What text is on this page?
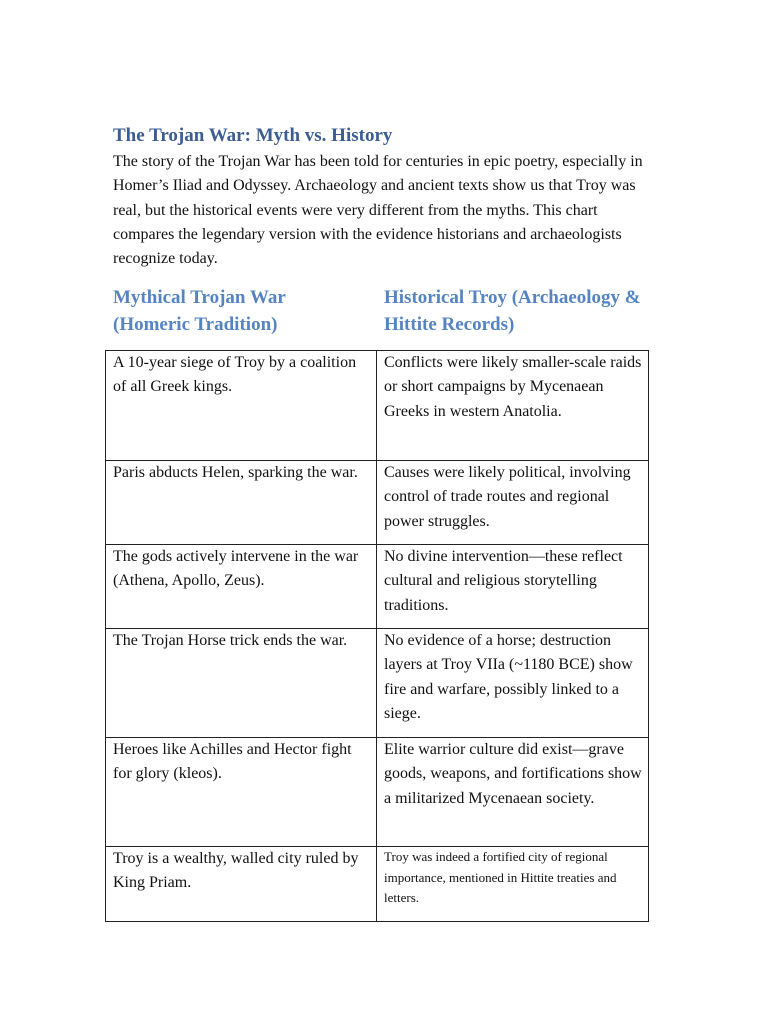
The Trojan War: Myth vs. History
The story of the Trojan War has been told for centuries in epic poetry, especially in Homer’s Iliad and Odyssey. Archaeology and ancient texts show us that Troy was real, but the historical events were very different from the myths. This chart compares the legendary version with the evidence historians and archaeologists recognize today.
Mythical Trojan War (Homeric Tradition)
Historical Troy (Archaeology & Hittite Records)
A 10-year siege of Troy by a coalition of all Greek kings.	Conflicts were likely smaller-scale raids or short campaigns by Mycenaean Greeks in western Anatolia.
Paris abducts Helen, sparking the war.	Causes were likely political, involving control of trade routes and regional power struggles.
The gods actively intervene in the war (Athena, Apollo, Zeus).	No divine intervention—these reflect cultural and religious storytelling traditions.
The Trojan Horse trick ends the war.	No evidence of a horse; destruction layers at Troy VIIa (~1180 BCE) show fire and warfare, possibly linked to a siege.
Heroes like Achilles and Hector fight for glory (kleos).	Elite warrior culture did exist—grave goods, weapons, and fortifications show a militarized Mycenaean society.
Troy is a wealthy, walled city ruled by King Priam.	Troy was indeed a fortified city of regional importance, mentioned in Hittite treaties and letters.
